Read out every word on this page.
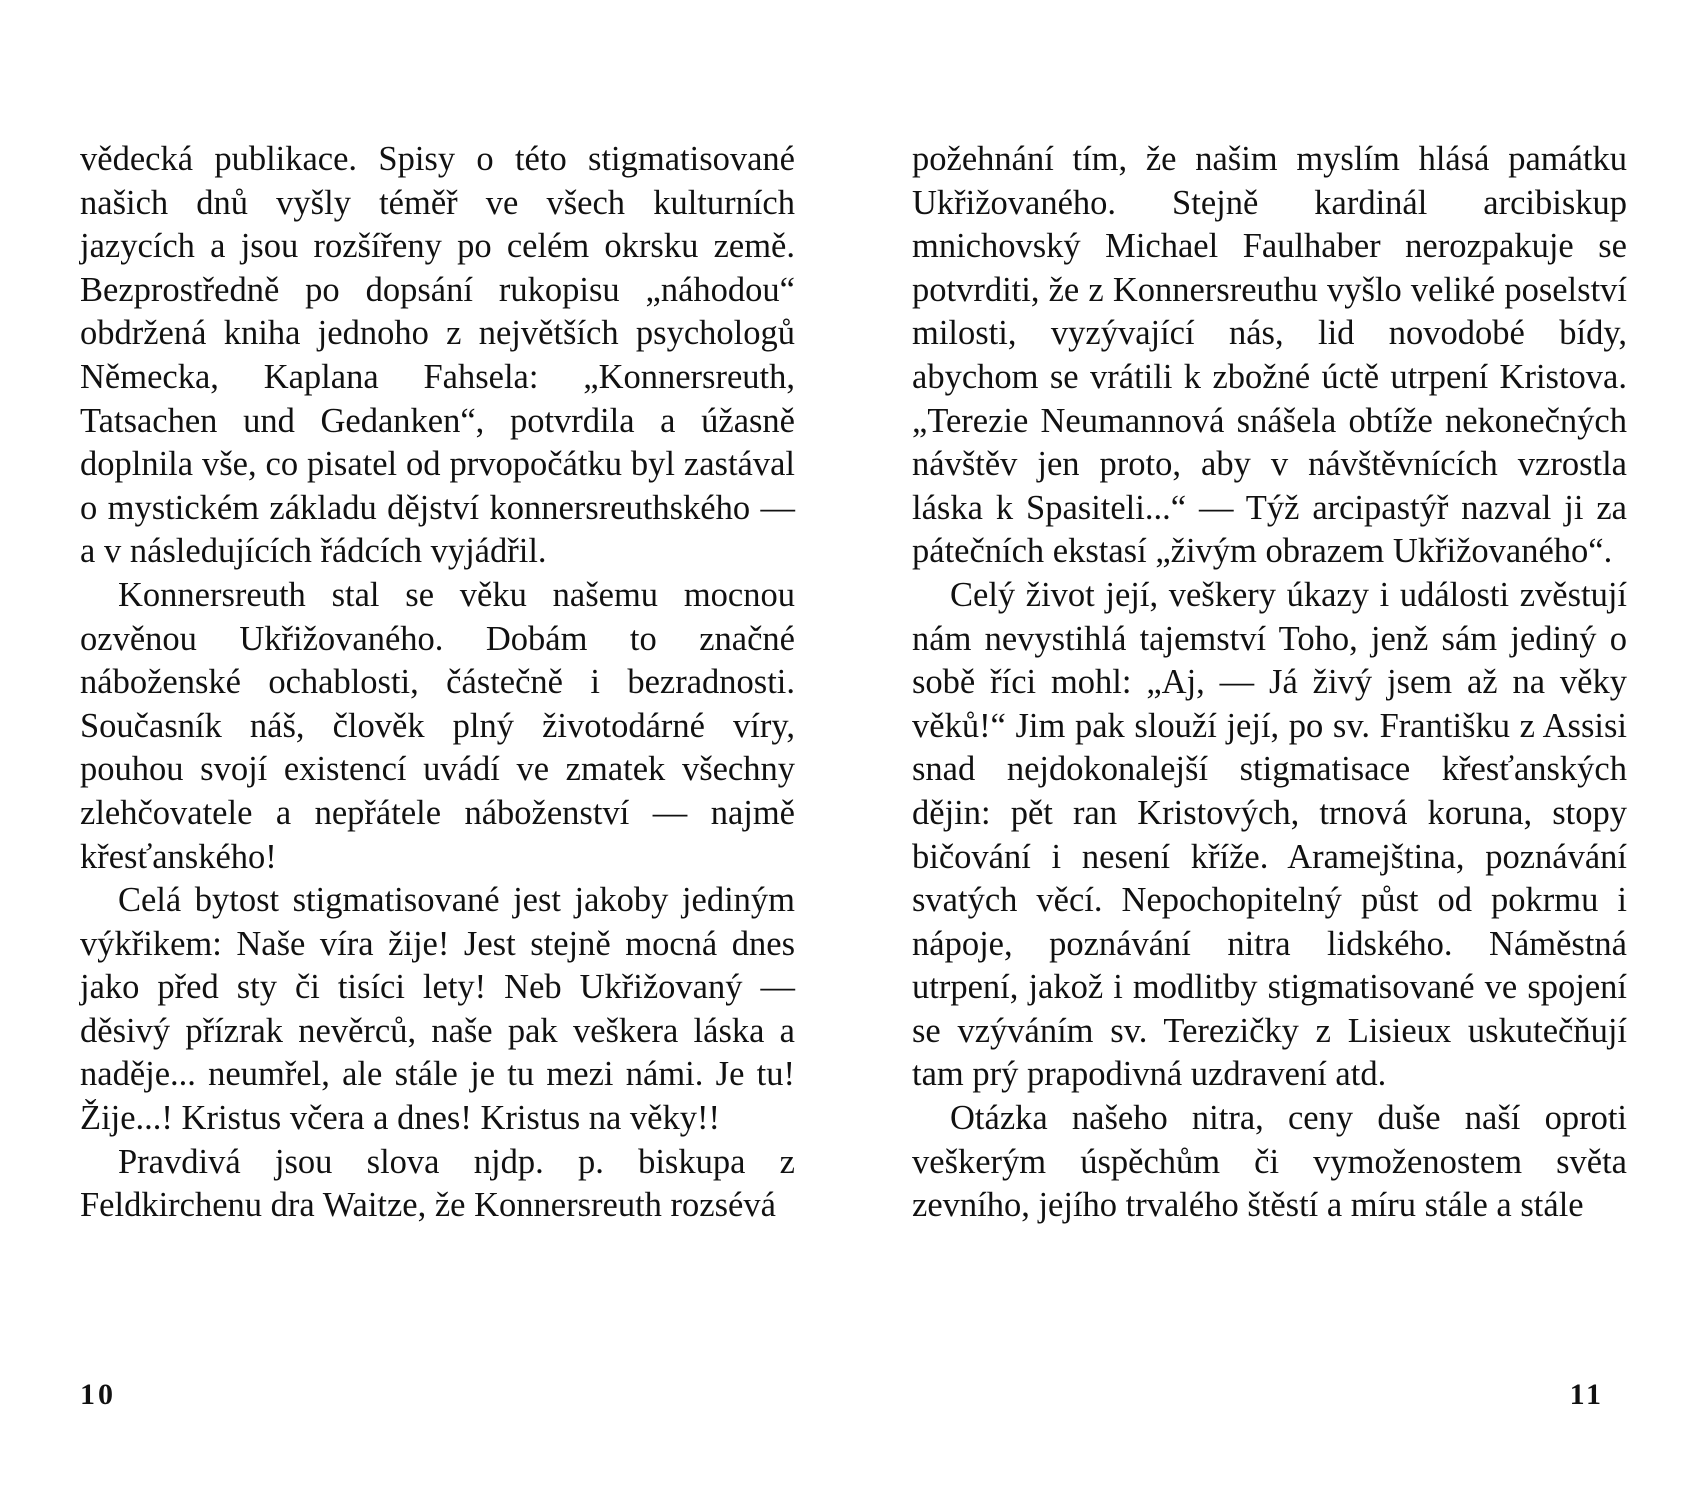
vědecká publikace. Spisy o této stigmatisované našich dnů vyšly téměř ve všech kulturních jazycích a jsou rozšířeny po celém okrsku země. Bezprostředně po dopsání rukopisu „náhodou“ obdržená kniha jednoho z největších psychologů Německa, Kaplana Fahsela: „Konnersreuth, Tatsachen und Gedanken“, potvrdila a úžasně doplnila vše, co pisatel od prvopočátku byl zastával o mystickém základu dějství konnersreuthského — a v následujících řádcích vyjádřil.

Konnersreuth stal se věku našemu mocnou ozvěnou Ukřižovaného. Dobám to značné náboženské ochablosti, částečně i bezradnosti. Současník náš, člověk plný životodárné víry, pouhou svojí existencí uvádí ve zmatek všechny zlehčovatele a nepřátele náboženství — najmě křesťanského!

Celá bytost stigmatisované jest jakoby jediným výkřikem: Naše víra žije! Jest stejně mocná dnes jako před sty či tisíci lety! Neb Ukřižovaný — děsivý přízrak nevěrců, naše pak veškera láska a naděje... neumřel, ale stále je tu mezi námi. Je tu! Žije...! Kristus včera a dnes! Kristus na věky!!

Pravdivá jsou slova njdp. p. biskupa z Feldkirchenu dra Waitze, že Konnersreuth rozsévá

10

požehnání tím, že našim myslím hlásá památku Ukřižovaného. Stejně kardinál arcibiskup mnichovský Michael Faulhaber nerozpakuje se potvrditi, že z Konnersreuthu vyšlo veliké poselství milosti, vyzývající nás, lid novodobé bídy, abychom se vrátili k zbožné úctě utrpení Kristova. „Terezie Neumannová snášela obtíže nekonečných návštěv jen proto, aby v návštěvnících vzrostla láska k Spasiteli...“ — Týž arcipastýř nazval ji za pátečních ekstasí „živým obrazem Ukřižovaného“.

Celý život její, veškery úkazy i události zvěstují nám nevystihlá tajemství Toho, jenž sám jediný o sobě říci mohl: „Aj, — Já živý jsem až na věky věků!“ Jim pak slouží její, po sv. Františku z Assisi snad nejdokonalejší stigmatisace křesťanských dějin: pět ran Kristových, trnová koruna, stopy bičování i nesení kříže. Aramejština, poznávání svatých věcí. Nepochopitelný půst od pokrmu i nápoje, poznávání nitra lidského. Náměstná utrpení, jakož i modlitby stigmatisované ve spojení se vzýváním sv. Terezičky z Lisieux uskutečňují tam prý prapodivná uzdravení atd.

Otázka našeho nitra, ceny duše naší oproti veškerým úspěchům či vymoženostem světa zevního, jejího trvalého štěstí a míru stále a stále

11
